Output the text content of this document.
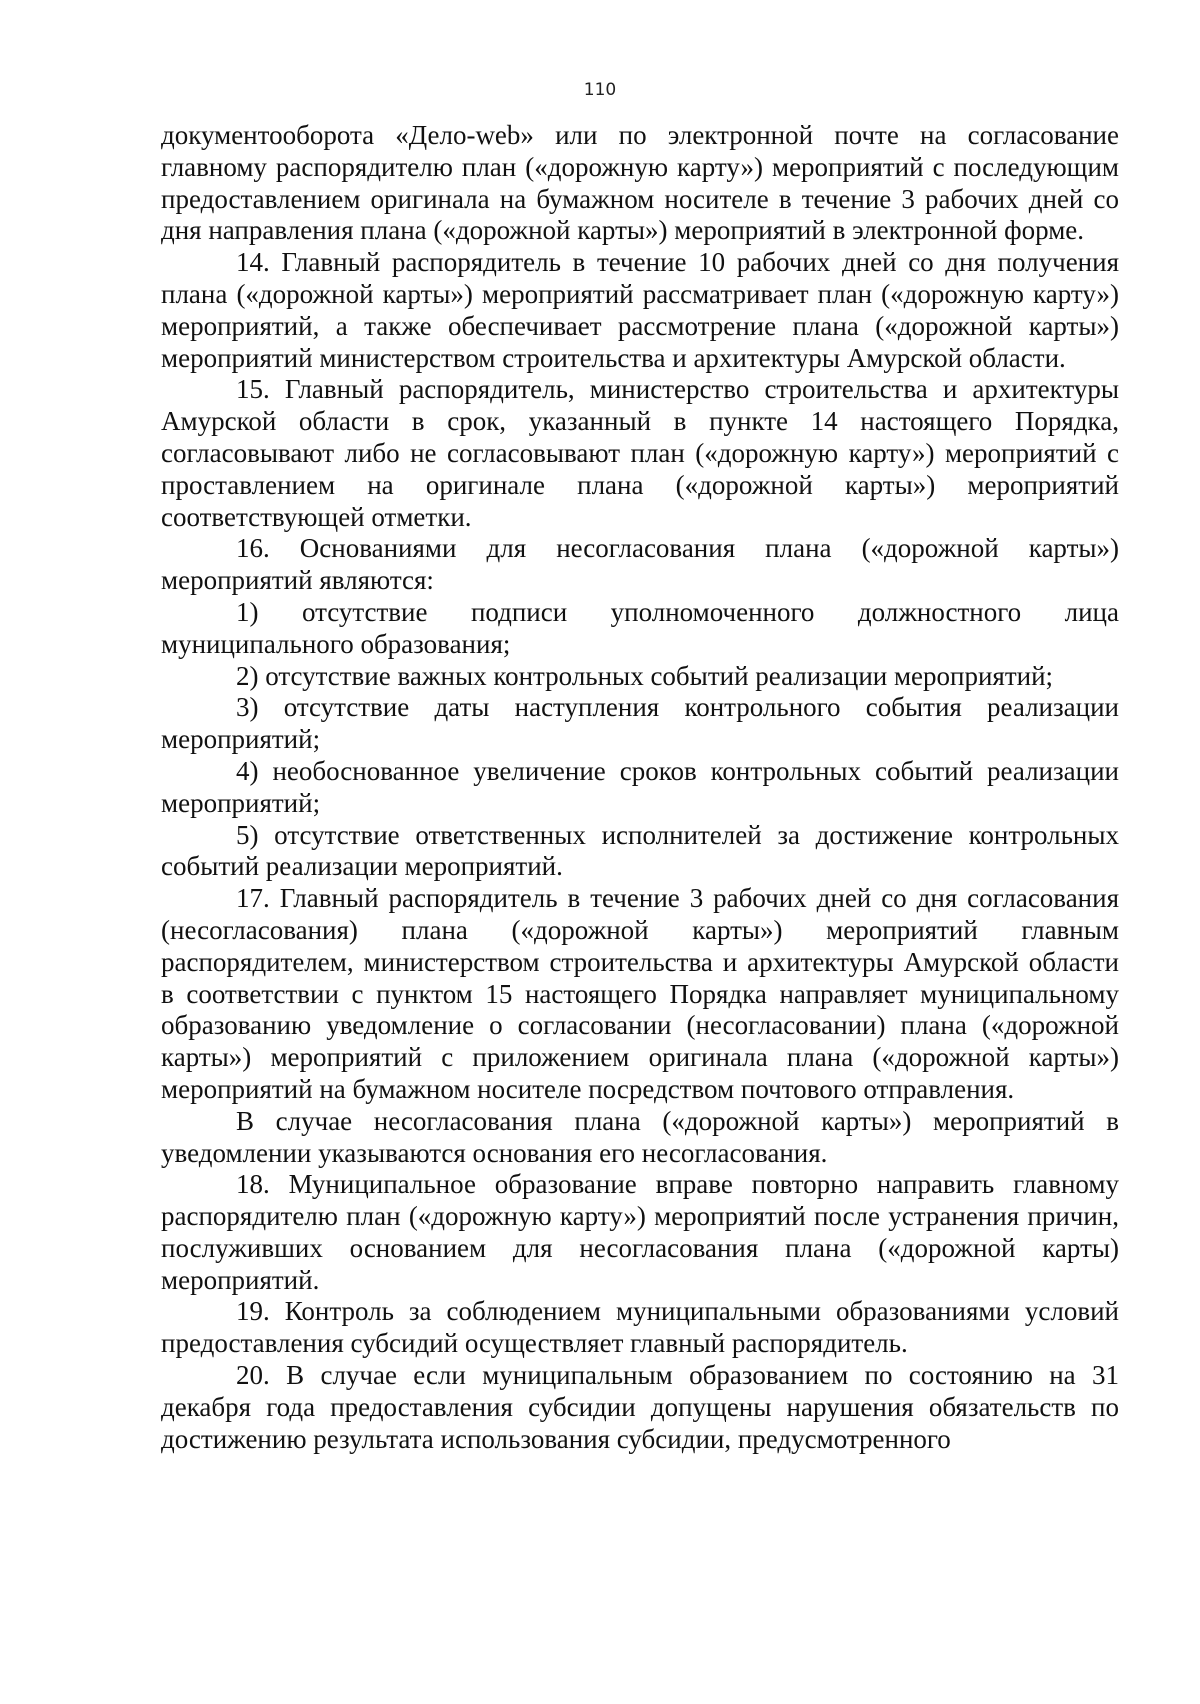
110

документооборота «Дело-web» или по электронной почте на согласование главному распорядителю план («дорожную карту») мероприятий с последующим предоставлением оригинала на бумажном носителе в течение 3 рабочих дней со дня направления плана («дорожной карты») мероприятий в электронной форме.

14. Главный распорядитель в течение 10 рабочих дней со дня получения плана («дорожной карты») мероприятий рассматривает план («дорожную карту») мероприятий, а также обеспечивает рассмотрение плана («дорожной карты») мероприятий министерством строительства и архитектуры Амурской области.

15. Главный распорядитель, министерство строительства и архитектуры Амурской области в срок, указанный в пункте 14 настоящего Порядка, согласовывают либо не согласовывают план («дорожную карту») мероприятий с проставлением на оригинале плана («дорожной карты») мероприятий соответствующей отметки.

16. Основаниями для несогласования плана («дорожной карты») мероприятий являются:

1) отсутствие подписи уполномоченного должностного лица муниципального образования;

2) отсутствие важных контрольных событий реализации мероприятий;

3) отсутствие даты наступления контрольного события реализации мероприятий;

4) необоснованное увеличение сроков контрольных событий реализации мероприятий;

5) отсутствие ответственных исполнителей за достижение контрольных событий реализации мероприятий.

17. Главный распорядитель в течение 3 рабочих дней со дня согласования (несогласования) плана («дорожной карты») мероприятий главным распорядителем, министерством строительства и архитектуры Амурской области в соответствии с пунктом 15 настоящего Порядка направляет муниципальному образованию уведомление о согласовании (несогласовании) плана («дорожной карты») мероприятий с приложением оригинала плана («дорожной карты») мероприятий на бумажном носителе посредством почтового отправления.

В случае несогласования плана («дорожной карты») мероприятий в уведомлении указываются основания его несогласования.

18. Муниципальное образование вправе повторно направить главному распорядителю план («дорожную карту») мероприятий после устранения причин, послуживших основанием для несогласования плана («дорожной карты) мероприятий.

19. Контроль за соблюдением муниципальными образованиями условий предоставления субсидий осуществляет главный распорядитель.

20. В случае если муниципальным образованием по состоянию на 31 декабря года предоставления субсидии допущены нарушения обязательств по достижению результата использования субсидии, предусмотренного
